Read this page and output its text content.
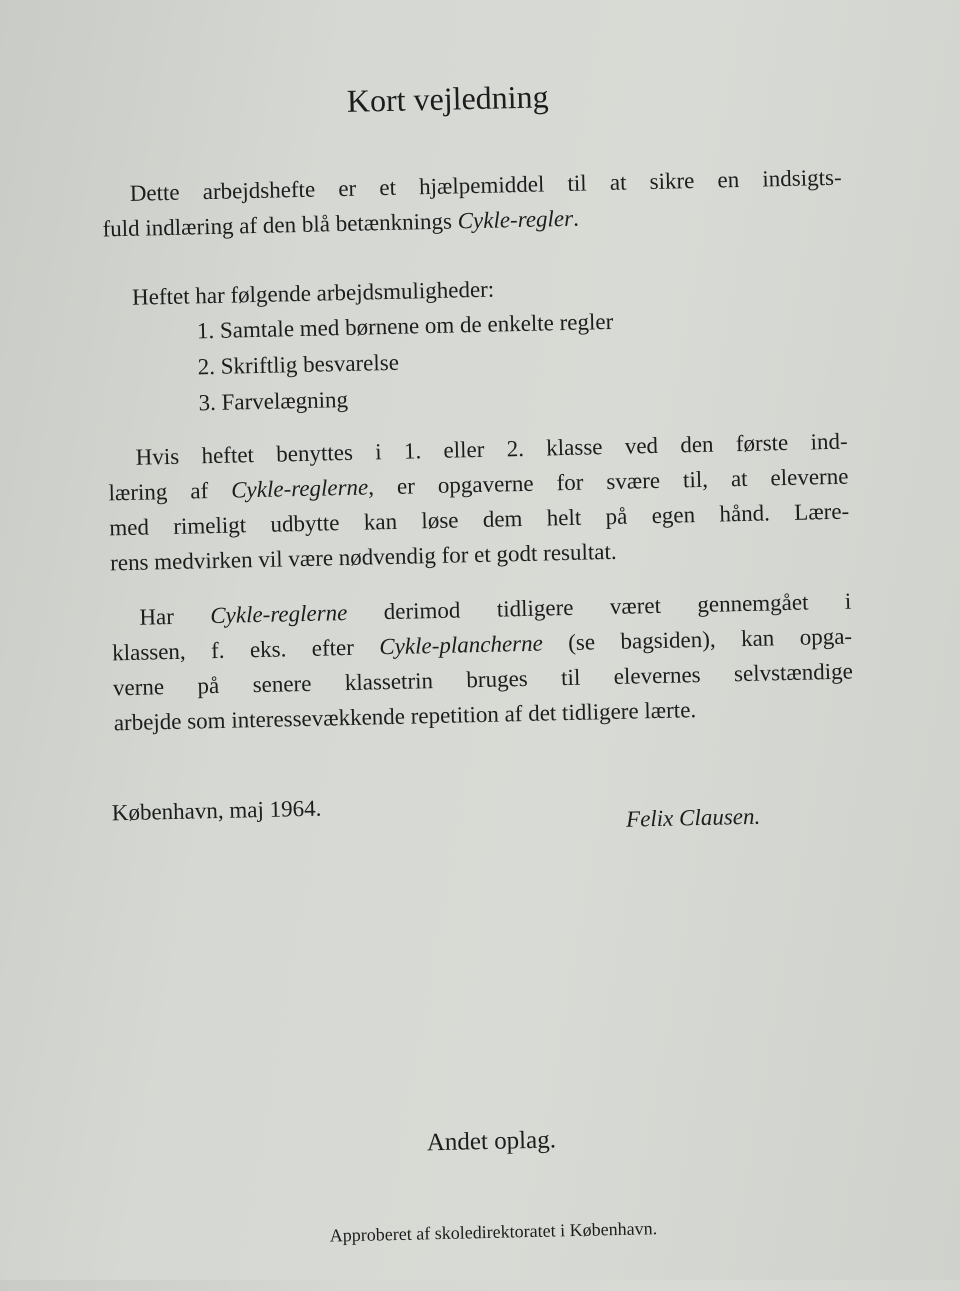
Kort vejledning
Dette arbejdshefte er et hjælpemiddel til at sikre en indsigts-
fuld indlæring af den blå betænknings Cykle-regler.
Heftet har følgende arbejdsmuligheder:
1. Samtale med børnene om de enkelte regler
2. Skriftlig besvarelse
3. Farvelægning
Hvis heftet benyttes i 1. eller 2. klasse ved den første ind-
læring af Cykle-reglerne, er opgaverne for svære til, at eleverne
med rimeligt udbytte kan løse dem helt på egen hånd. Lære-
rens medvirken vil være nødvendig for et godt resultat.
Har Cykle-reglerne derimod tidligere været gennemgået i
klassen, f. eks. efter Cykle-plancherne (se bagsiden), kan opga-
verne på senere klassetrin bruges til elevernes selvstændige
arbejde som interessevækkende repetition af det tidligere lærte.
København, maj 1964.	Felix Clausen.
Andet oplag.
Approberet af skoledirektoratet i København.
